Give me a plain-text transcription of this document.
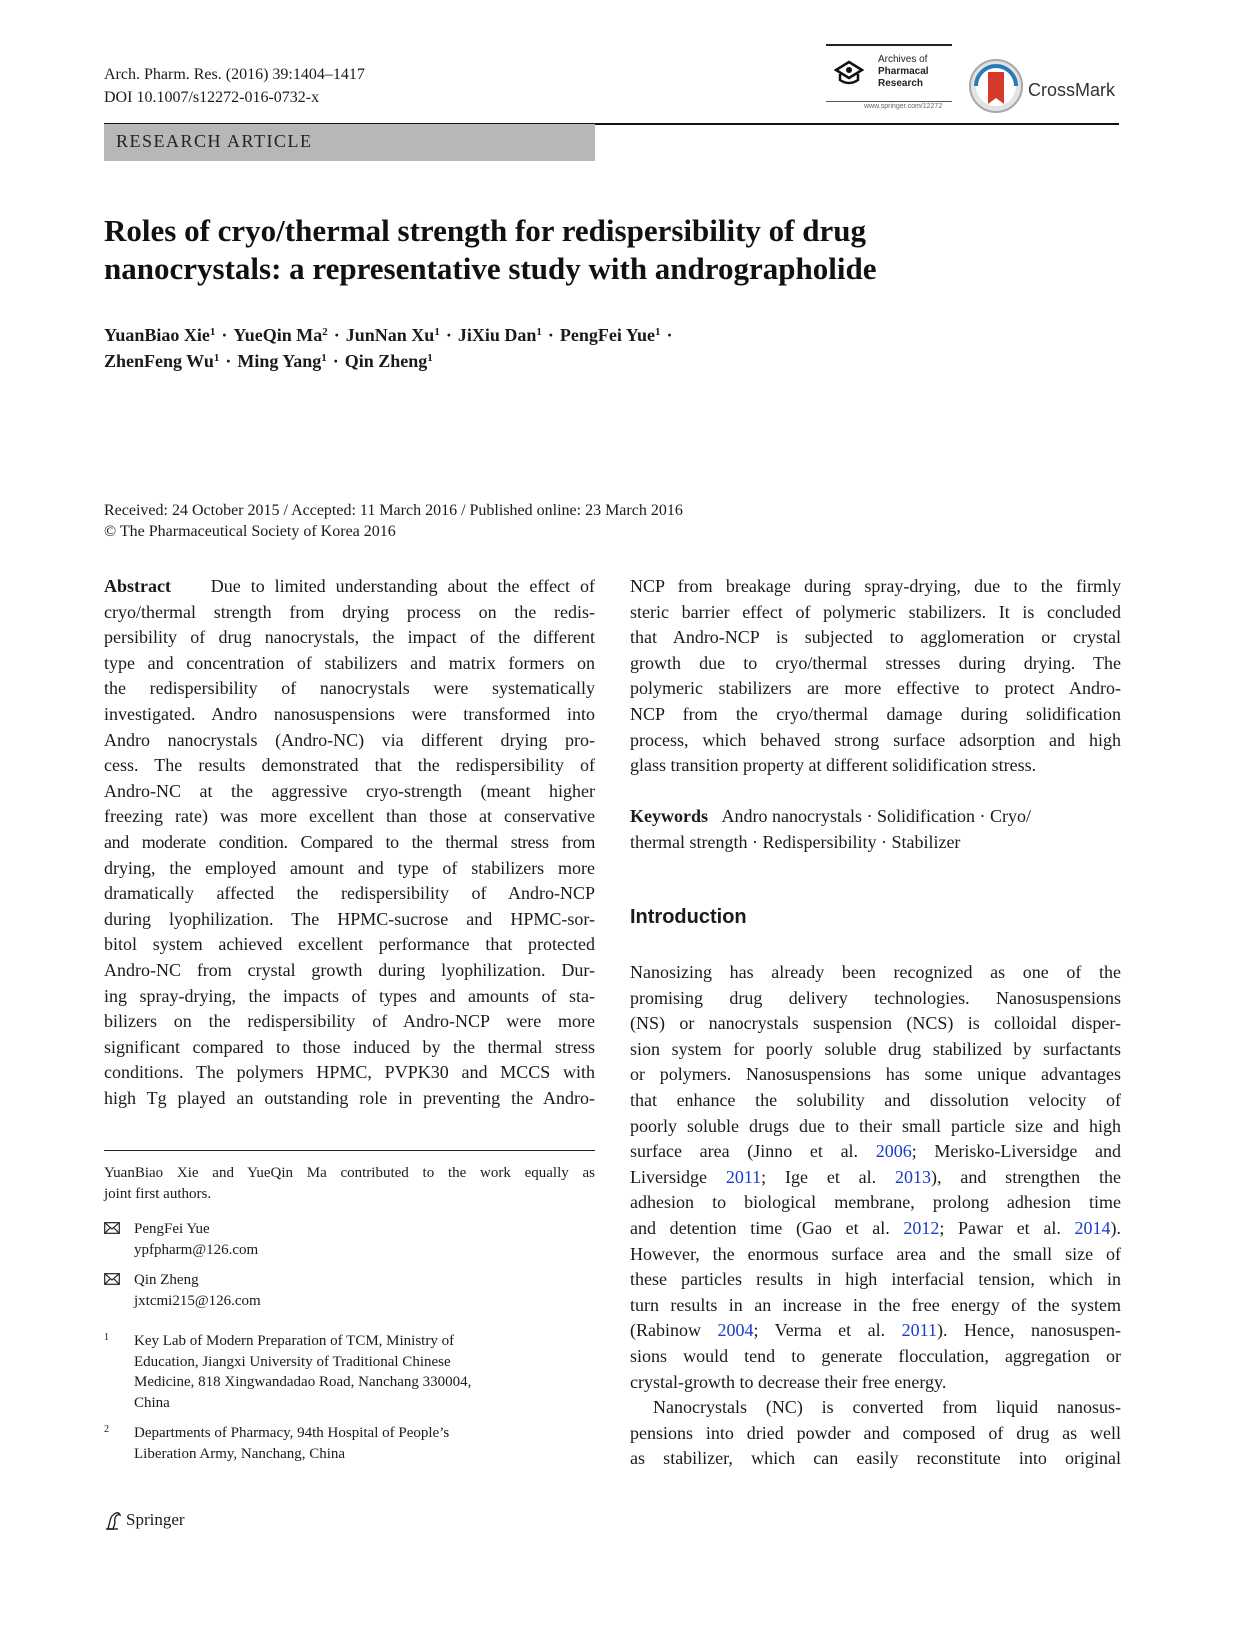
Arch. Pharm. Res. (2016) 39:1404–1417
DOI 10.1007/s12272-016-0732-x
Archives of
Pharmacal
Research
www.springer.com/12272
CrossMark
RESEARCH ARTICLE
Roles of cryo/thermal strength for redispersibility of drug
nanocrystals: a representative study with andrographolide
YuanBiao Xie$^1$ · YueQin $Ma^2$ · JunNan $Xu^1$ · JiXiu Dan$^1$ · PengFei Yue$^1$ ·
ZhenFeng $Wu^1$ · Ming Yang$^1$ · Qin Zheng$^1$
Received: 24 October 2015 / Accepted: 11 March 2016 / Published online: 23 March 2016
© The Pharmaceutical Society of Korea 2016
Abstract Due to limited understanding about the effect of
cryo/thermal strength from drying process on the redis-
persibility of drug nanocrystals, the impact of the different
type and concentration of stabilizers and matrix formers on
the redispersibility of nanocrystals were systematically
investigated. Andro nanosuspensions were transformed into
Andro nanocrystals (Andro-NC) via different drying pro-
cess. The results demonstrated that the redispersibility of
Andro-NC at the aggressive cryo-strength (meant higher
freezing rate) was more excellent than those at conservative
and moderate condition. Compared to the thermal stress from
drying, the employed amount and type of stabilizers more
dramatically affected the redispersibility of Andro-NCP
during lyophilization. The HPMC-sucrose and HPMC-sor-
bitol system achieved excellent performance that protected
Andro-NC from crystal growth during lyophilization. Dur-
ing spray-drying, the impacts of types and amounts of sta-
bilizers on the redispersibility of Andro-NCP were more
significant compared to those induced by the thermal stress
conditions. The polymers HPMC, PVPK30 and MCCS with
high Tg played an outstanding role in preventing the Andro-
NCP from breakage during spray-drying, due to the firmly
steric barrier effect of polymeric stabilizers. It is concluded
that Andro-NCP is subjected to agglomeration or crystal
growth due to cryo/thermal stresses during drying. The
polymeric stabilizers are more effective to protect Andro-
NCP from the cryo/thermal damage during solidification
process, which behaved strong surface adsorption and high
glass transition property at different solidification stress.
Keywords Andro nanocrystals · Solidification · Cryo/
thermal strength · Redispersibility · Stabilizer
Introduction
Nanosizing has already been recognized as one of the
promising drug delivery technologies. Nanosuspensions
(NS) or nanocrystals suspension (NCS) is colloidal disper-
sion system for poorly soluble drug stabilized by surfactants
or polymers. Nanosuspensions has some unique advantages
that enhance the solubility and dissolution velocity of
poorly soluble drugs due to their small particle size and high
surface area (Jinno et al. 2006; Merisko-Liversidge and
Liversidge 2011; Ige et al. 2013), and strengthen the
adhesion to biological membrane, prolong adhesion time
and detention time (Gao et al. 2012; Pawar et al. 2014).
However, the enormous surface area and the small size of
these particles results in high interfacial tension, which in
turn results in an increase in the free energy of the system
(Rabinow 2004; Verma et al. 2011). Hence, nanosuspen-
sions would tend to generate flocculation, aggregation or
crystal-growth to decrease their free energy.
Nanocrystals (NC) is converted from liquid nanosus-
pensions into dried powder and composed of drug as well
as stabilizer, which can easily reconstitute into original
YuanBiao Xie and YueQin Ma contributed to the work equally as
joint first authors.
PengFei Yue
ypfpharm@126.com
Qin Zheng
jxtcmi215@126.com
1 Key Lab of Modern Preparation of TCM, Ministry of
Education, Jiangxi University of Traditional Chinese
Medicine, 818 Xingwandadao Road, Nanchang 330004,
China
2 Departments of Pharmacy, 94th Hospital of People’s
Liberation Army, Nanchang, China
Springer
